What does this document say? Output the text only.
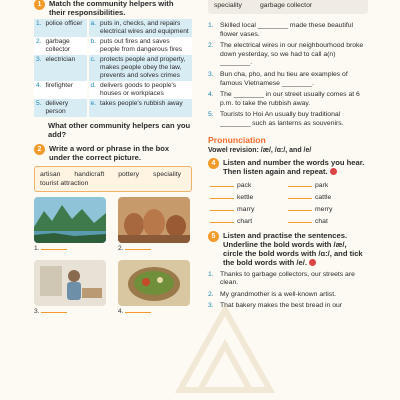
1 Match the community helpers with their responsibilities.
1.	police officer	a.	puts in, checks, and repairs electrical wires and equipment
2.	garbage collector	b.	puts out fires and saves people from dangerous fires
3.	electrician	c.	protects people and property, makes people obey the law, prevents and solves crimes
4.	firefighter	d.	delivers goods to people's houses or workplaces
5.	delivery person	e.	takes people's rubbish away
What other community helpers can you add?
2 Write a word or phrase in the box under the correct picture.
artisan handicraft pottery speciality
tourist attraction
1.	2.
3.	4.
speciality	garbage collector
1. Skilled local ________ made these beautiful flower vases.
2. The electrical wires in our neighbourhood broke down yesterday, so we had to call a(n) ________.
3. Bun cha, pho, and hu tieu are examples of famous Vietnamese ________.
4. The ________ in our street usually comes at 6 p.m. to take the rubbish away.
5. Tourists to Hoi An usually buy traditional ________ such as lanterns as souvenirs.
Pronunciation
Vowel revision: /æ/, /ɑ:/, and /e/
4 Listen and number the words you hear. Then listen again and repeat.
pack	park
kettle	cattle
marry	merry
chart	chat
5 Listen and practise the sentences. Underline the bold words with /æ/, circle the bold words with /ɑ:/, and tick the bold words with /e/.
1. Thanks to garbage collectors, our streets are clean.
2. My grandmother is a well-known artist.
3. That bakery makes the best bread in our
